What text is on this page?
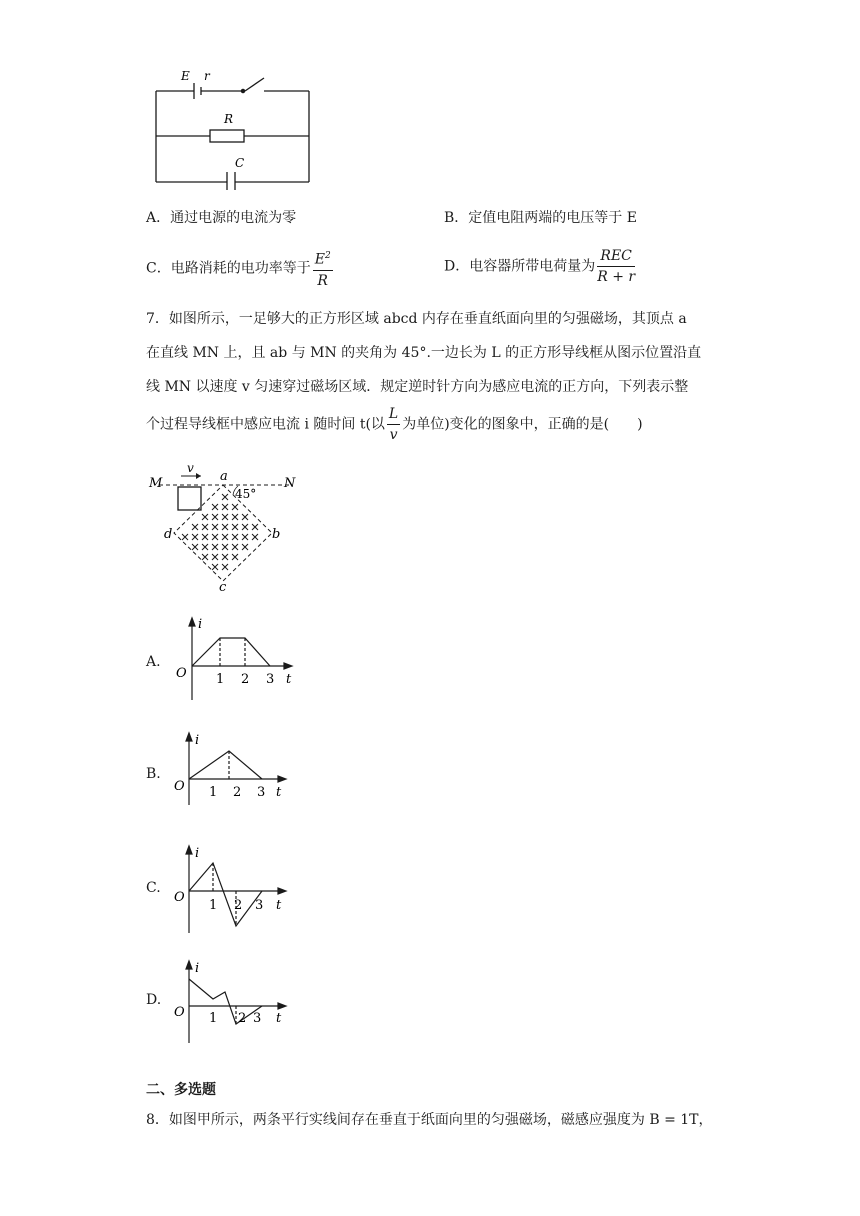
E r
R
C
A．通过电源的电流为零	B．定值电阻两端的电压等于 E
C．电路消耗的电功率等于 $\frac{E^2}{R}$	D．电容器所带电荷量为 $\frac{\text{REC}}{R + r}$
7．如图所示，一足够大的正方形区域 abcd 内存在垂直纸面向里的匀强磁场，其顶点 a
在直线 MN 上，且 ab 与 MN 的夹角为 45°.一边长为 L 的正方形导线框从图示位置沿直
线 MN 以速度 v 匀速穿过磁场区域．规定逆时针方向为感应电流的正方向，下列表示整
个过程导线框中感应电流 i 随时间 t(以 $\frac{L}{v}$ 为单位)变化的图象中，正确的是(　　)
M	N
v
a
b
c
d
45°
A.
B.
C.
D.
i
O 1 2 3 t
i
O 1 2 3 t
i
O
1 2 3 t
i
O 1 2 3 t
二、多选题
8．如图甲所示，两条平行实线间存在垂直于纸面向里的匀强磁场，磁感应强度为 B = 1T，
